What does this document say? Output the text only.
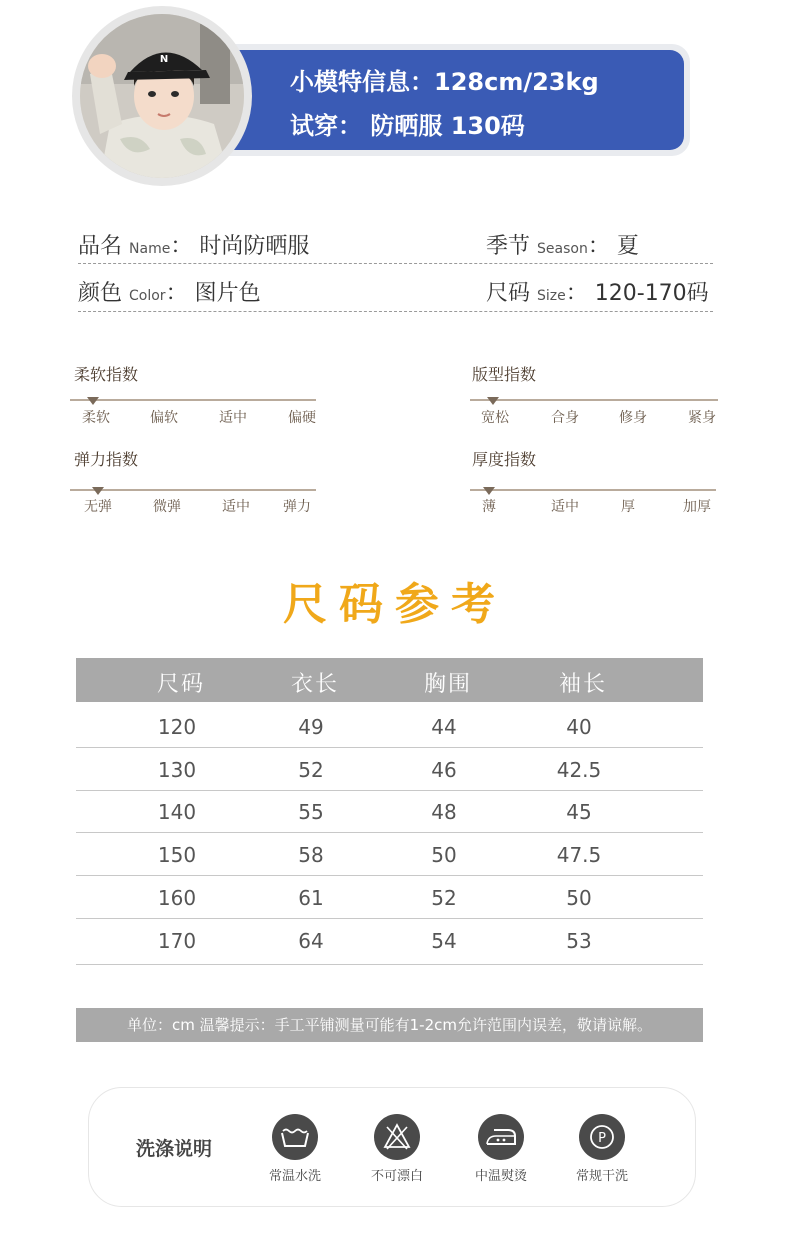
小模特信息：128cm/23kg
试穿： 防晒服 130码
N
品名 Name： 时尚防晒服	季节 Season： 夏
颜色 Color： 图片色	尺码 Size： 120-170码
柔软指数
柔软	偏软	适中	偏硬
版型指数
宽松	合身	修身	紧身
弹力指数
无弹	微弹	适中 弹力
厚度指数
薄	适中	厚	加厚
尺码参考
尺码	衣长	胸围	袖长
120	49	44	40
130	52	46	42.5
140	55	48	45
150	58	50	47.5
160	61	52	50
170	64	54	53
单位：cm 温馨提示：手工平铺测量可能有1-2cm允许范围内误差，敬请谅解。
洗涤说明
常温水洗	不可漂白	中温熨烫
P
常规干洗
